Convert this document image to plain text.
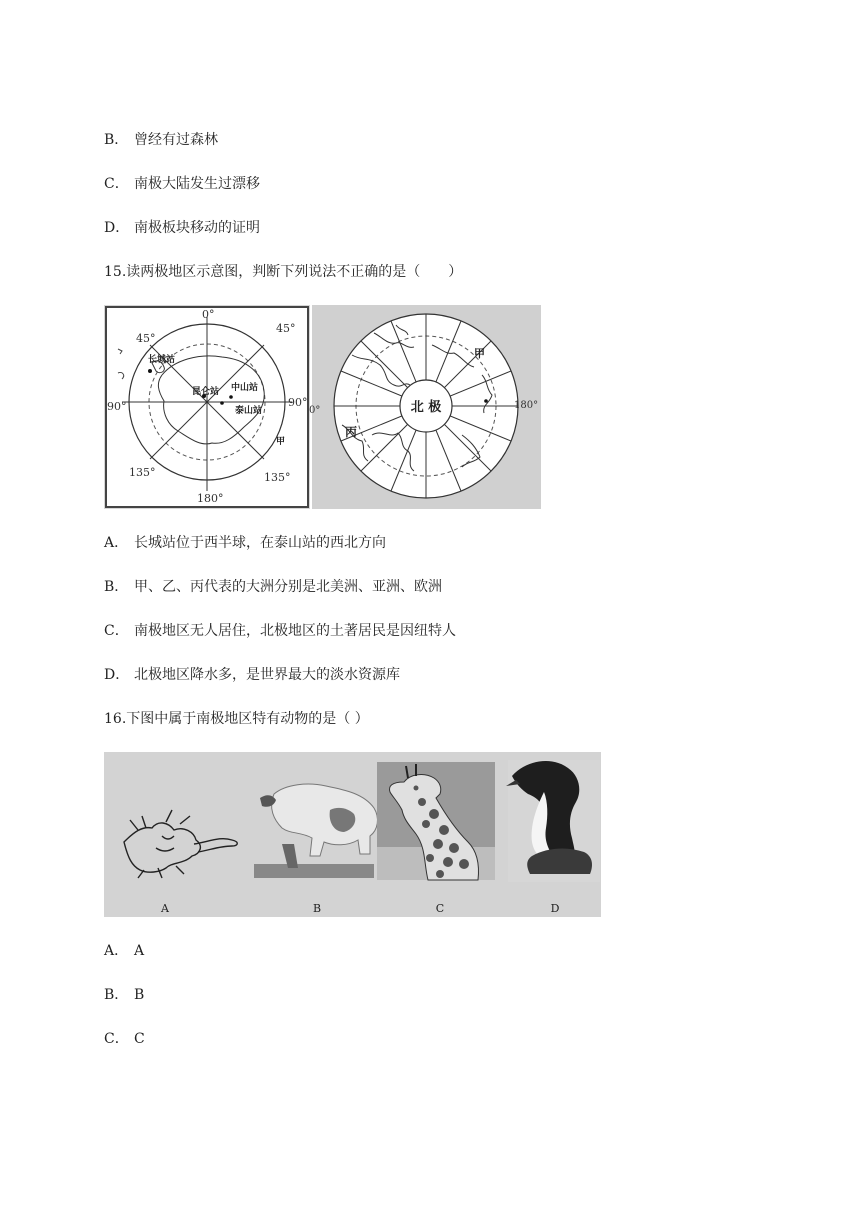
B． 曾经有过森林
C． 南极大陆发生过漂移
D． 南极板块移动的证明
15.读两极地区示意图，判断下列说法不正确的是（　　）
0°
45°
45°
90°	90°
135°	135°
180°
长城站
昆仑站 中山站
泰山站
甲
0°	180°
北 极
甲
丙
A． 长城站位于西半球，在泰山站的西北方向
B． 甲、乙、丙代表的大洲分别是北美洲、亚洲、欧洲
C． 南极地区无人居住，北极地区的土著居民是因纽特人
D． 北极地区降水多，是世界最大的淡水资源库
16.下图中属于南极地区特有动物的是（ ）
A	B	C	D
A． A
B． B
C． C
